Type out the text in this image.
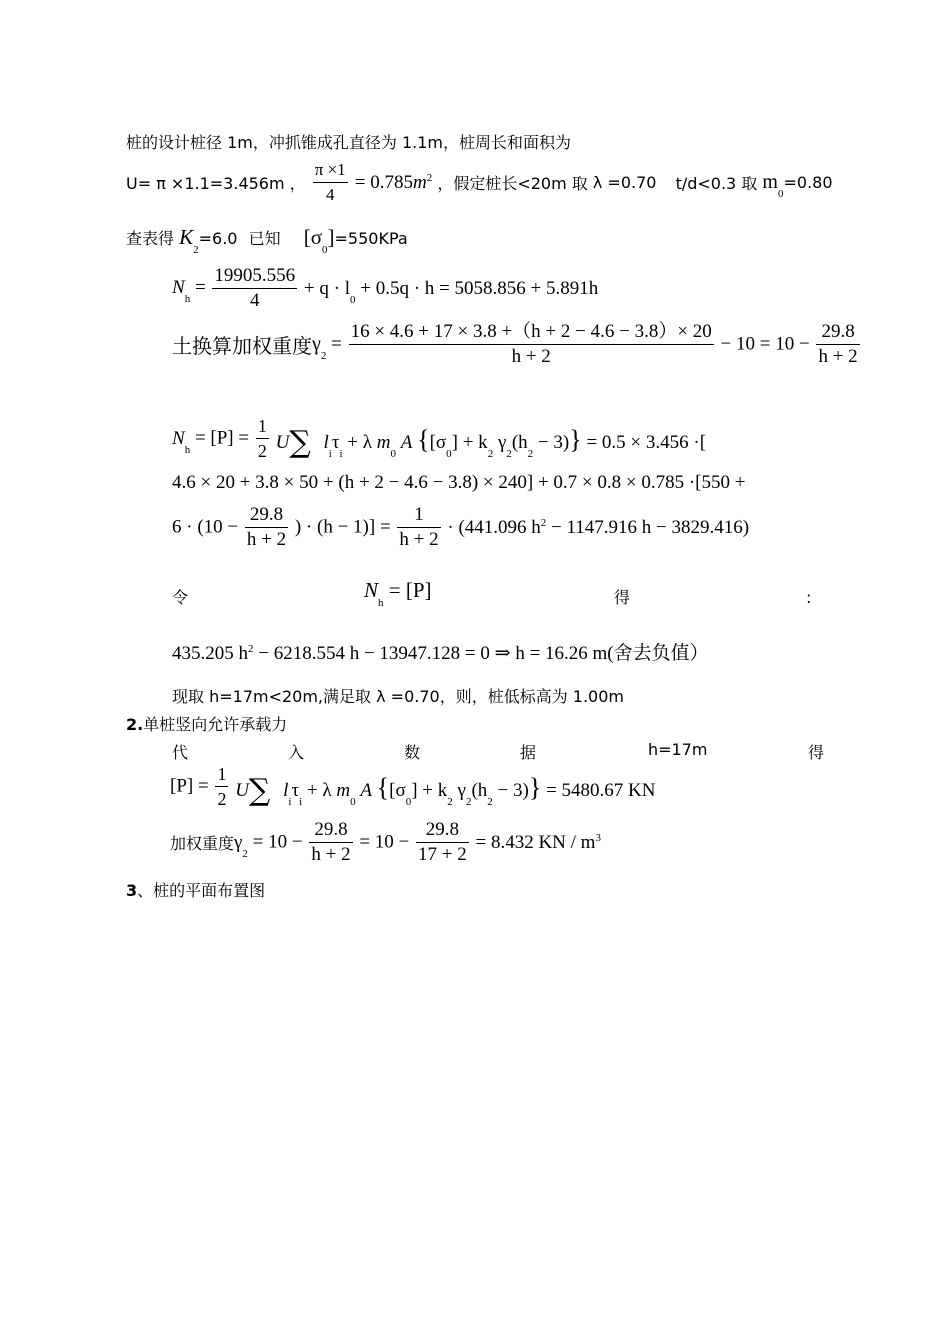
桩的设计桩径 1m，冲抓锥成孔直径为 1.1m，桩周长和面积为
U= π ×1.1=3.456m ， $\frac{\pi \times 1}{4} = 0.785m^2$ ，假定桩长<20m 取 λ =0.70 t/d<0.3 取 $m_0=0.80$
查表得 $K_2=6.0$ 已知 $[\sigma_0]=550KPa$
$N_h = \frac{19905.556}{4} + q \cdot l_0 + 0.5q \cdot h = 5058.856 + 5.891h$
土换算加权重度$\gamma_2 = \frac{16 \times 4.6 + 17 \times 3.8 +(h + 2 - 4.6 - 3.8)\times 20}{h + 2} - 10 = 10 - \frac{29.8}{h + 2}$
$N_h = [P] = \frac{1}{2} U\sum$ $l_i\tau_i + \lambda$ $m_0$ A {$[\sigma_0] + k_2$ $\gamma_2(h_2 - 3)\} = 0.5 \times 3.456$ ·[
4.6 × 20 + 3.8 × 50 + (h + 2 − 4.6 − 3.8) × 240] + 0.7 × 0.8 × 0.785 ·[550 +
$6 \cdot (10 - \frac{29.8}{h + 2}$ ) · $(h - 1)] = \frac{1}{h + 2} \cdot (441.096$ $h^2 - 1147.916$ h − 3829.416)
令	$N_h = [P]$	得	:
435.205 $h^2 - 6218.554$ h − 13947.128 = 0 ⇒ h = 16.26 m(舍去负值）
现取 h=17m<20m,满足取 λ =0.70，则，桩低标高为 1.00m
2.单桩竖向允许承载力
代	入	数	据	h=17m	得
$[P] = \frac{1}{2} U\sum$ $l_i\tau_i + \lambda$ $m_0$ A {$[\sigma_0] + k_2$ $\gamma_2(h_2 - 3)\} = 5480.67$ KN
加权重度$\gamma_2 = 10 - \frac{29.8}{h + 2} = 10 - \frac{29.8}{17 + 2} = 8.432$ KN / $m^3$
3、桩的平面布置图
